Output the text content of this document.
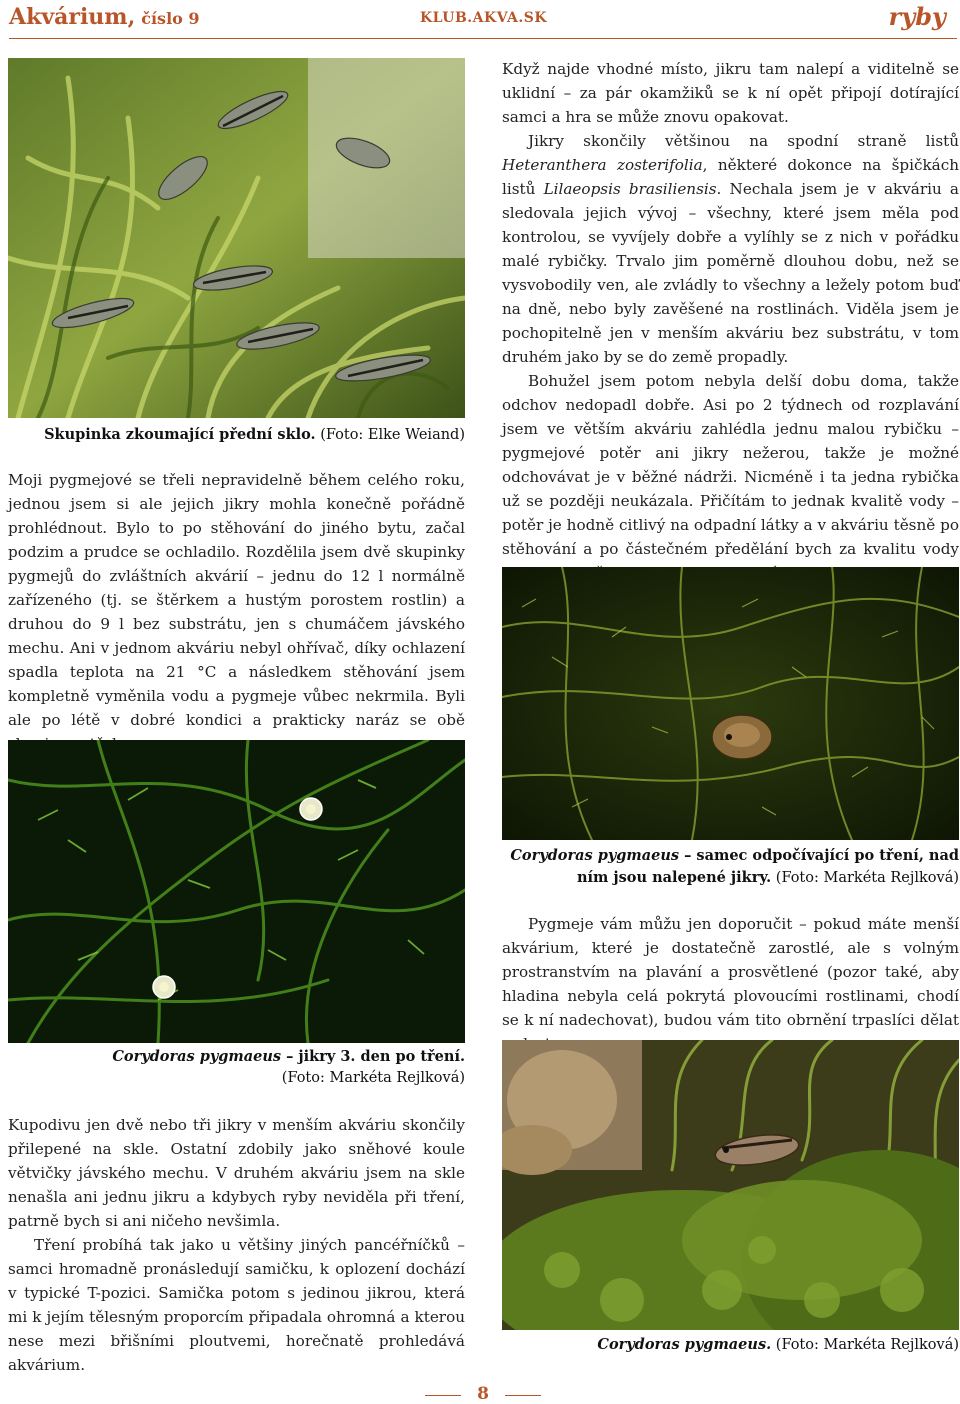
Akvárium, číslo 9	KLUB.AKVA.SK	ryby
Skupinka zkoumající přední sklo. (Foto: Elke Weiand)

Moji pygmejové se třeli nepravidelně během celého roku, jednou jsem si ale jejich jikry mohla konečně pořádně prohlédnout. Bylo to po stěhování do jiného bytu, začal podzim a prudce se ochladilo. Rozdělila jsem dvě skupinky pygmejů do zvláštních akvárií – jednu do 12 l normálně zařízeného (tj. se štěrkem a hustým porostem rostlin) a druhou do 9 l bez substrátu, jen s chumáčem jávského mechu. Ani v jednom akváriu nebyl ohřívač, díky ochlazení spadla teplota na 21 °C a následkem stěhování jsem kompletně vyměnila vodu a pygmeje vůbec nekrmila. Byli ale po létě v dobré kondici a prakticky naráz se obě

Corydoras pygmaeus – jikry 3. den po tření.
(Foto: Markéta Rejlková)

Kupodivu jen dvě nebo tři jikry v menším akváriu skončily přilepené na skle. Ostatní zdobily jako sněhové koule větvičky jávského mechu. V druhém akváriu jsem na skle nenašla ani jednu jikru a kdybych ryby neviděla při tření, patrně bych si ani ničeho nevšimla.

Tření probíhá tak jako u většiny jiných pancéřníčků – samci hromadně pronásledují samičku, k oplození dochází v typické T-pozici. Samička potom s jedinou jikrou, která mi k jejím tělesným proporcím připadala ohromná a kterou nese mezi břišními ploutvemi, horečnatě prohledává akvárium.

Když najde vhodné místo, jikru tam nalepí a viditelně se uklidní – za pár okamžiků se k ní opět připojí dotírající samci a hra se může znovu opakovat.

Jikry skončily většinou na spodní straně listů Heteranthera zosterifolia, některé dokonce na špičkách listů Lilaeopsis brasiliensis. Nechala jsem je v akváriu a sledovala jejich vývoj – všechny, které jsem měla pod kontrolou, se vyvíjely dobře a vylíhly se z nich v pořádku malé rybičky. Trvalo jim poměrně dlouhou dobu, než se vysvobodily ven, ale zvládly to všechny a ležely potom buď na dně, nebo byly zavěšené na rostlinách. Viděla jsem je pochopitelně jen v menším akváriu bez substrátu, v tom druhém jako by se do země propadly.

Bohužel jsem potom nebyla delší dobu doma, takže odchov nedopadl dobře. Asi po 2 týdnech od rozplavání jsem ve větším akváriu zahlédla jednu malou rybičku – pygmejové potěr ani jikry nežerou, takže je možné odchovávat je v běžné nádrži. Nicméně i ta jedna rybička už se později neukázala. Přičítám to jednak kvalitě vody – potěr je hodně citlivý na odpadní látky a v akváriu těsně po stěhování a po částečném předělání bych za kvalitu vody

Corydoras pygmaeus – samec odpočívající po tření, nad
ním jsou nalepené jikry. (Foto: Markéta Rejlková)

Pygmeje vám můžu jen doporučit – pokud máte menší akvárium, které je dostatečně zarostlé, ale s volným prostranstvím na plavání a prosvětlené (pozor také, aby hladina nebyla celá pokrytá plovoucími rostlinami, chodí se k ní nadechovat), budou vám tito obrnění trpaslíci dělat

Corydoras pygmaeus. (Foto: Markéta Rejlková)
8
